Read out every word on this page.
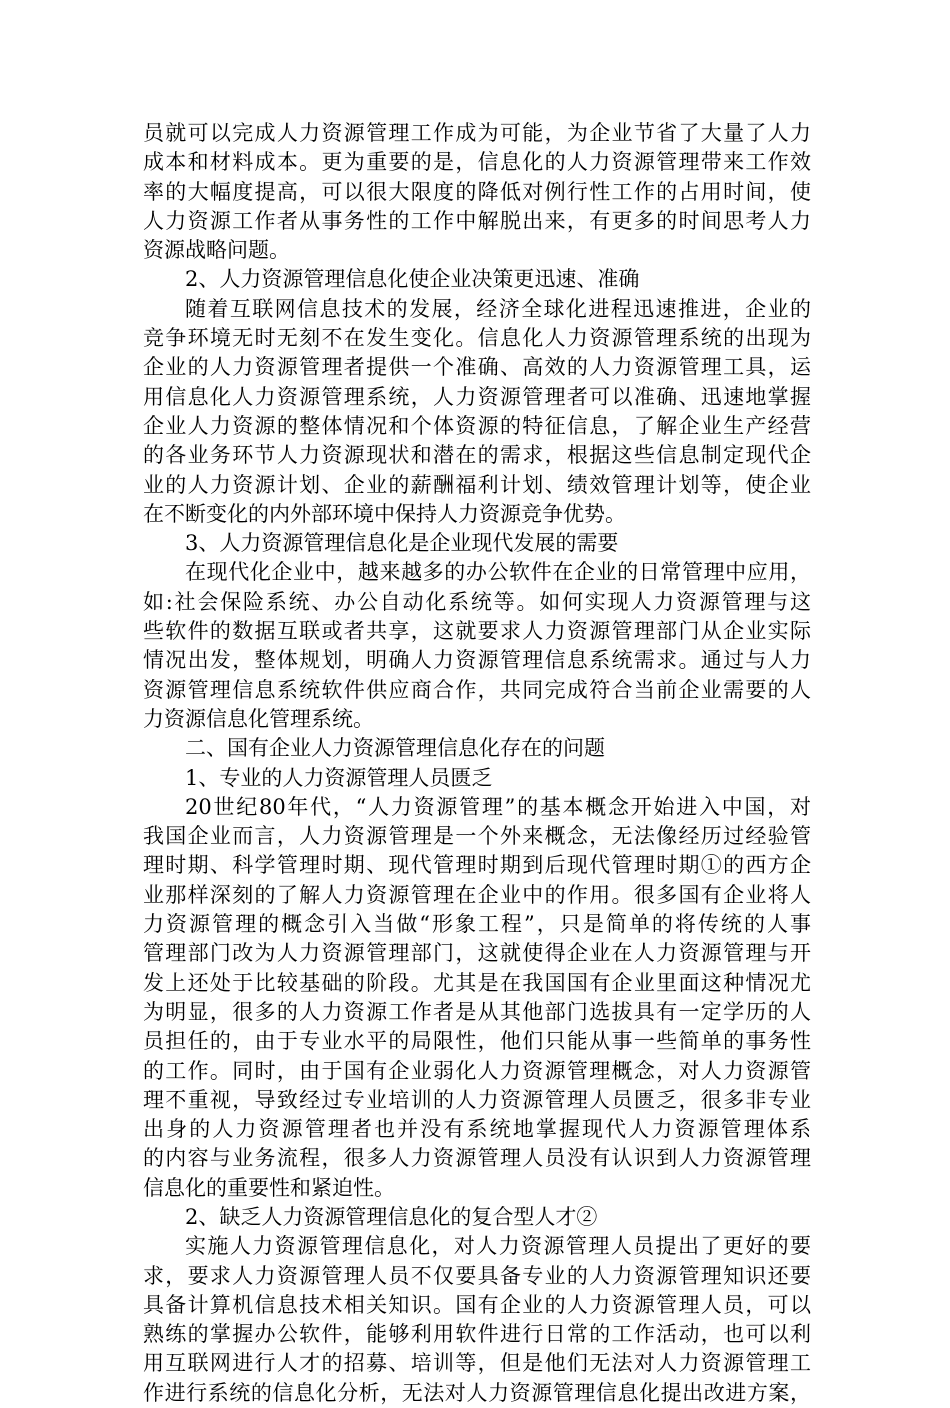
员就可以完成人力资源管理工作成为可能，为企业节省了大量了人力
成本和材料成本。更为重要的是，信息化的人力资源管理带来工作效
率的大幅度提高，可以很大限度的降低对例行性工作的占用时间，使
人力资源工作者从事务性的工作中解脱出来，有更多的时间思考人力
资源战略问题。
2、人力资源管理信息化使企业决策更迅速、准确
随着互联网信息技术的发展，经济全球化进程迅速推进，企业的
竞争环境无时无刻不在发生变化。信息化人力资源管理系统的出现为
企业的人力资源管理者提供一个准确、高效的人力资源管理工具，运
用信息化人力资源管理系统，人力资源管理者可以准确、迅速地掌握
企业人力资源的整体情况和个体资源的特征信息，了解企业生产经营
的各业务环节人力资源现状和潜在的需求，根据这些信息制定现代企
业的人力资源计划、企业的薪酬福利计划、绩效管理计划等，使企业
在不断变化的内外部环境中保持人力资源竞争优势。
3、人力资源管理信息化是企业现代发展的需要
在现代化企业中，越来越多的办公软件在企业的日常管理中应用，
如:社会保险系统、办公自动化系统等。如何实现人力资源管理与这
些软件的数据互联或者共享，这就要求人力资源管理部门从企业实际
情况出发，整体规划，明确人力资源管理信息系统需求。通过与人力
资源管理信息系统软件供应商合作，共同完成符合当前企业需要的人
力资源信息化管理系统。
二、国有企业人力资源管理信息化存在的问题
1、专业的人力资源管理人员匮乏
20世纪80年代，“人力资源管理”的基本概念开始进入中国，对
我国企业而言，人力资源管理是一个外来概念，无法像经历过经验管
理时期、科学管理时期、现代管理时期到后现代管理时期①的西方企
业那样深刻的了解人力资源管理在企业中的作用。很多国有企业将人
力资源管理的概念引入当做“形象工程”，只是简单的将传统的人事
管理部门改为人力资源管理部门，这就使得企业在人力资源管理与开
发上还处于比较基础的阶段。尤其是在我国国有企业里面这种情况尤
为明显，很多的人力资源工作者是从其他部门选拔具有一定学历的人
员担任的，由于专业水平的局限性，他们只能从事一些简单的事务性
的工作。同时，由于国有企业弱化人力资源管理概念，对人力资源管
理不重视，导致经过专业培训的人力资源管理人员匮乏，很多非专业
出身的人力资源管理者也并没有系统地掌握现代人力资源管理体系
的内容与业务流程，很多人力资源管理人员没有认识到人力资源管理
信息化的重要性和紧迫性。
2、缺乏人力资源管理信息化的复合型人才②
实施人力资源管理信息化，对人力资源管理人员提出了更好的要
求，要求人力资源管理人员不仅要具备专业的人力资源管理知识还要
具备计算机信息技术相关知识。国有企业的人力资源管理人员，可以
熟练的掌握办公软件，能够利用软件进行日常的工作活动，也可以利
用互联网进行人才的招募、培训等，但是他们无法对人力资源管理工
作进行系统的信息化分析，无法对人力资源管理信息化提出改进方案，
